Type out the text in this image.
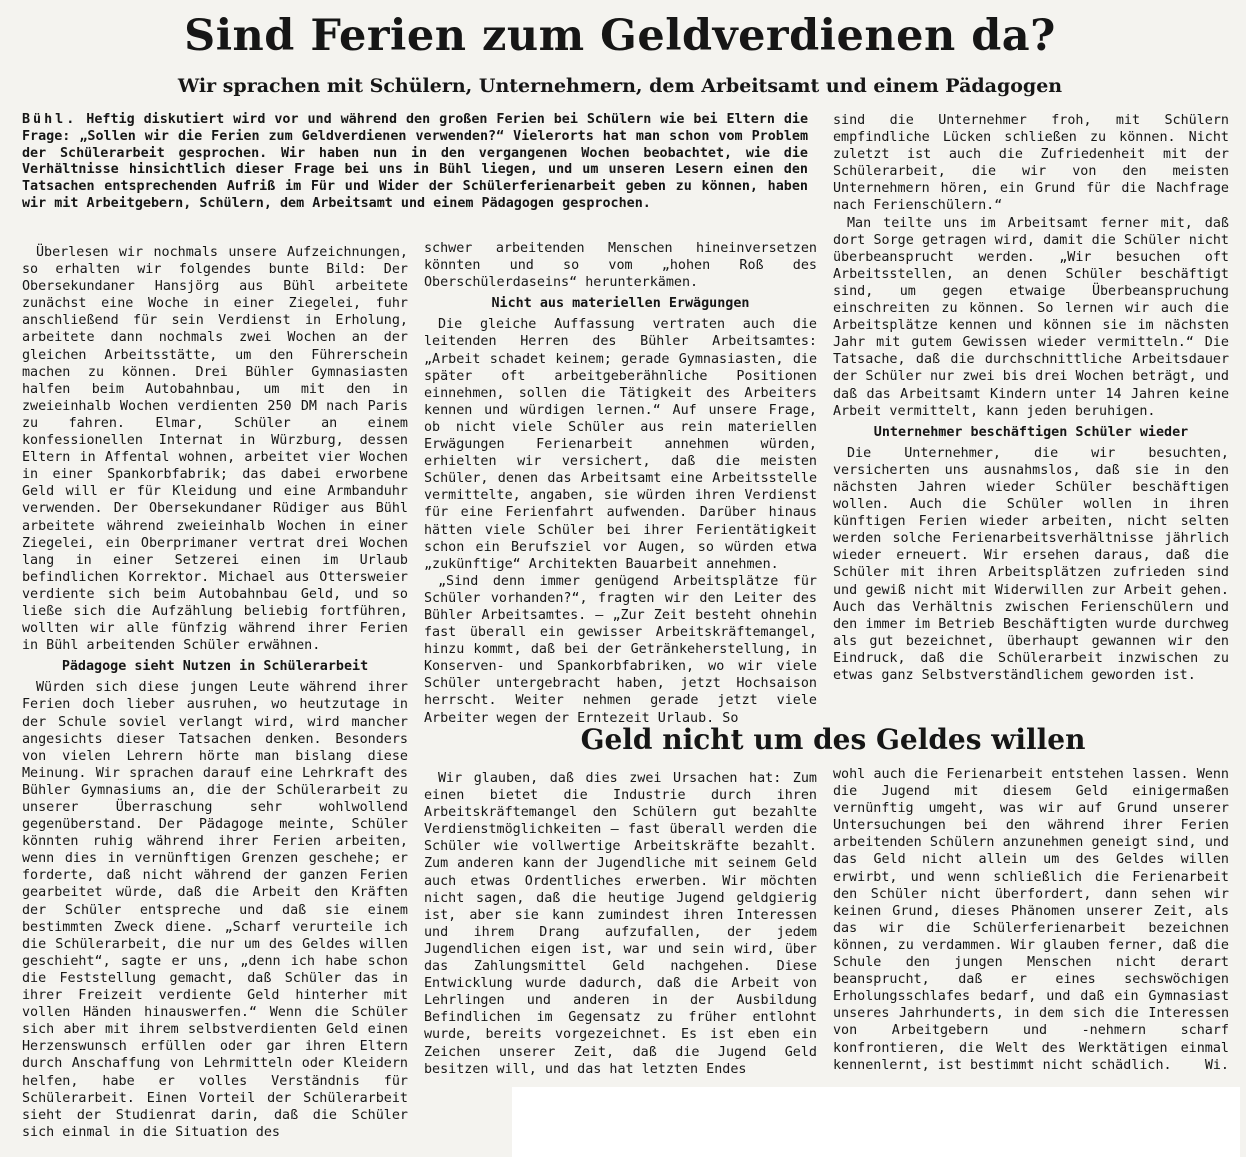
Sind Ferien zum Geldverdienen da?
Wir sprachen mit Schülern, Unternehmern, dem Arbeitsamt und einem Pädagogen
Bühl. Heftig diskutiert wird vor und während den großen Ferien bei Schülern wie bei Eltern die Frage: „Sollen wir die Ferien zum Geldverdienen verwenden?“ Vielerorts hat man schon vom Problem der Schülerarbeit gesprochen. Wir haben nun in den vergangenen Wochen beobachtet, wie die Verhältnisse hinsichtlich dieser Frage bei uns in Bühl liegen, und um unseren Lesern einen den Tatsachen entsprechenden Aufriß im Für und Wider der Schülerferienarbeit geben zu können, haben wir mit Arbeitgebern, Schülern, dem Arbeitsamt und einem Pädagogen gesprochen.

Überlesen wir nochmals unsere Aufzeichnungen, so erhalten wir folgendes bunte Bild: Der Obersekundaner Hansjörg aus Bühl arbeitete zunächst eine Woche in einer Ziegelei, fuhr anschließend für sein Verdienst in Erholung, arbeitete dann nochmals zwei Wochen an der gleichen Arbeitsstätte, um den Führerschein machen zu können. Drei Bühler Gymnasiasten halfen beim Autobahnbau, um mit den in zweieinhalb Wochen verdienten 250 DM nach Paris zu fahren. Elmar, Schüler an einem konfessionellen Internat in Würzburg, dessen Eltern in Affental wohnen, arbeitet vier Wochen in einer Spankorbfabrik; das dabei erworbene Geld will er für Kleidung und eine Armbanduhr verwenden. Der Obersekundaner Rüdiger aus Bühl arbeitete während zweieinhalb Wochen in einer Ziegelei, ein Oberprimaner vertrat drei Wochen lang in einer Setzerei einen im Urlaub befindlichen Korrektor. Michael aus Ottersweier verdiente sich beim Autobahnbau Geld, und so ließe sich die Aufzählung beliebig fortführen, wollten wir alle fünfzig während ihrer Ferien in Bühl arbeitenden Schüler erwähnen.

Pädagoge sieht Nutzen in Schülerarbeit

Würden sich diese jungen Leute während ihrer Ferien doch lieber ausruhen, wo heutzutage in der Schule soviel verlangt wird, wird mancher angesichts dieser Tatsachen denken. Besonders von vielen Lehrern hörte man bislang diese Meinung. Wir sprachen darauf eine Lehrkraft des Bühler Gymnasiums an, die der Schülerarbeit zu unserer Überraschung sehr wohlwollend gegenüberstand. Der Pädagoge meinte, Schüler könnten ruhig während ihrer Ferien arbeiten, wenn dies in vernünftigen Grenzen geschehe; er forderte, daß nicht während der ganzen Ferien gearbeitet würde, daß die Arbeit den Kräften der Schüler entspreche und daß sie einem bestimmten Zweck diene. „Scharf verurteile ich die Schülerarbeit, die nur um des Geldes willen geschieht“, sagte er uns, „denn ich habe schon die Feststellung gemacht, daß Schüler das in ihrer Freizeit verdiente Geld hinterher mit vollen Händen hinauswerfen.“ Wenn die Schüler sich aber mit ihrem selbstverdienten Geld einen Herzenswunsch erfüllen oder gar ihren Eltern durch Anschaffung von Lehrmitteln oder Kleidern helfen, habe er volles Verständnis für Schülerarbeit. Einen Vorteil der Schülerarbeit sieht der Studienrat darin, daß die Schüler sich einmal in die Situation des

schwer arbeitenden Menschen hineinversetzen könnten und so vom „hohen Roß des Oberschülerdaseins“ herunterkämen.

Nicht aus materiellen Erwägungen

Die gleiche Auffassung vertraten auch die leitenden Herren des Bühler Arbeitsamtes: „Arbeit schadet keinem; gerade Gymnasiasten, die später oft arbeitgeberähnliche Positionen einnehmen, sollen die Tätigkeit des Arbeiters kennen und würdigen lernen.“ Auf unsere Frage, ob nicht viele Schüler aus rein materiellen Erwägungen Ferienarbeit annehmen würden, erhielten wir versichert, daß die meisten Schüler, denen das Arbeitsamt eine Arbeitsstelle vermittelte, angaben, sie würden ihren Verdienst für eine Ferienfahrt aufwenden. Darüber hinaus hätten viele Schüler bei ihrer Ferientätigkeit schon ein Berufsziel vor Augen, so würden etwa „zukünftige“ Architekten Bauarbeit annehmen.

„Sind denn immer genügend Arbeitsplätze für Schüler vorhanden?“, fragten wir den Leiter des Bühler Arbeitsamtes. — „Zur Zeit besteht ohnehin fast überall ein gewisser Arbeitskräftemangel, hinzu kommt, daß bei der Getränkeherstellung, in Konserven- und Spankorbfabriken, wo wir viele Schüler untergebracht haben, jetzt Hochsaison herrscht. Weiter nehmen gerade jetzt viele Arbeiter wegen der Erntezeit Urlaub. So

sind die Unternehmer froh, mit Schülern empfindliche Lücken schließen zu können. Nicht zuletzt ist auch die Zufriedenheit mit der Schülerarbeit, die wir von den meisten Unternehmern hören, ein Grund für die Nachfrage nach Ferienschülern.“

Man teilte uns im Arbeitsamt ferner mit, daß dort Sorge getragen wird, damit die Schüler nicht überbeansprucht werden. „Wir besuchen oft Arbeitsstellen, an denen Schüler beschäftigt sind, um gegen etwaige Überbeanspruchung einschreiten zu können. So lernen wir auch die Arbeitsplätze kennen und können sie im nächsten Jahr mit gutem Gewissen wieder vermitteln.“ Die Tatsache, daß die durchschnittliche Arbeitsdauer der Schüler nur zwei bis drei Wochen beträgt, und daß das Arbeitsamt Kindern unter 14 Jahren keine Arbeit vermittelt, kann jeden beruhigen.

Unternehmer beschäftigen Schüler wieder

Die Unternehmer, die wir besuchten, versicherten uns ausnahmslos, daß sie in den nächsten Jahren wieder Schüler beschäftigen wollen. Auch die Schüler wollen in ihren künftigen Ferien wieder arbeiten, nicht selten werden solche Ferienarbeitsverhältnisse jährlich wieder erneuert. Wir ersehen daraus, daß die Schüler mit ihren Arbeitsplätzen zufrieden sind und gewiß nicht mit Widerwillen zur Arbeit gehen. Auch das Verhältnis zwischen Ferienschülern und den immer im Betrieb Beschäftigten wurde durchweg als gut bezeichnet, überhaupt gewannen wir den Eindruck, daß die Schülerarbeit inzwischen zu etwas ganz Selbstverständlichem geworden ist.

Geld nicht um des Geldes willen

Wir glauben, daß dies zwei Ursachen hat: Zum einen bietet die Industrie durch ihren Arbeitskräftemangel den Schülern gut bezahlte Verdienstmöglichkeiten — fast überall werden die Schüler wie vollwertige Arbeitskräfte bezahlt. Zum anderen kann der Jugendliche mit seinem Geld auch etwas Ordentliches erwerben. Wir möchten nicht sagen, daß die heutige Jugend geldgierig ist, aber sie kann zumindest ihren Interessen und ihrem Drang aufzufallen, der jedem Jugendlichen eigen ist, war und sein wird, über das Zahlungsmittel Geld nachgehen. Diese Entwicklung wurde dadurch, daß die Arbeit von Lehrlingen und anderen in der Ausbildung Befindlichen im Gegensatz zu früher entlohnt wurde, bereits vorgezeichnet. Es ist eben ein Zeichen unserer Zeit, daß die Jugend Geld besitzen will, und das hat letzten Endes

wohl auch die Ferienarbeit entstehen lassen. Wenn die Jugend mit diesem Geld einigermaßen vernünftig umgeht, was wir auf Grund unserer Untersuchungen bei den während ihrer Ferien arbeitenden Schülern anzunehmen geneigt sind, und das Geld nicht allein um des Geldes willen erwirbt, und wenn schließlich die Ferienarbeit den Schüler nicht überfordert, dann sehen wir keinen Grund, dieses Phänomen unserer Zeit, als das wir die Schülerferienarbeit bezeichnen können, zu verdammen. Wir glauben ferner, daß die Schule den jungen Menschen nicht derart beansprucht, daß er eines sechswöchigen Erholungsschlafes bedarf, und daß ein Gymnasiast unseres Jahrhunderts, in dem sich die Interessen von Arbeitgebern und -nehmern scharf konfrontieren, die Welt des Werktätigen einmal kennenlernt, ist bestimmt nicht schädlich. Wi.
